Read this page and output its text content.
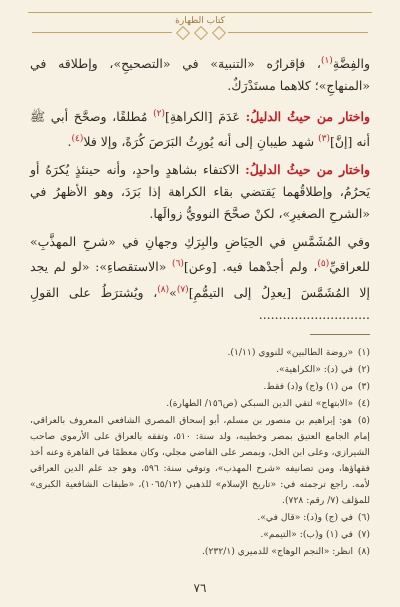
كتاب الطهارة

والفِضَّةِ$^{(١)}$، فإقرارُه «التنبيهَ» في «التصحيحِ»، وإطلاقه في «المنهاجِ»؛ كلاهما مستَدْرَكٌ.

واختار من حيثُ الدليلُ: عَدَمَ [الكراهةِ]$^{(٢)}$ مُطلقًا، وصحَّحَ أبي ﷺ أنه [إنَّ]$^{(٣)}$ شهد طيبانِ إلى أنه يُورِثُ البَرَصَ كُرَةً، وإلا فلا$^{(٤)}$.

واختار من حيثُ الدليلُ: الاكتفاء بشاهدٍ واحدٍ، وأنه حينئذٍ يُكرَهُ أو يَحرُمُ، وإطلاقُهما يَقتضي بقاء الكراهة إذا بَرَدَ، وهو الأظهرُ في «الشرحِ الصغيرِ»، لكنْ صحَّحَ النوويُّ زوالَها.

وفي المُشَمَّسِ في الحِيَاضِ والبِرَكِ وجهانِ في «شرحِ المهذَّبِ» للعراقيِّ$^{(٥)}$، ولم أجدْهما فيه. [وعن]$^{(٦)}$ «الاستقصاءِ»: «لو لم يجد إلا المُشَمَّسَ [يعدِلُ إلى التيمُّمِ]$^{(٧)}$»$^{(٨)}$، ويُشترَطُ على القولِ ............................

(١) «روضة الطالبين» للنووي (١/١١).
(٢) في (د): «الكراهية».
(٣) من (١) و(ج) و(د) فقط.
(٤) «الابتهاج» لتقي الدين السبكي (ص١٥٦/ الطهارة).
(٥) هو: إبراهيم بن منصور بن مسلم، أبو إسحاق المصري الشافعي المعروف بالعراقي، إمام الجامع العتيق بمصر وخطيبه، ولد سنة: ٥١٠، وتفقه بالعراق على الأرموي صاحب الشيرازي، وعلى ابن الخل، وبمصر على القاضي مجلي، وكان معظمًا في القاهرة وعنه أخذ فقهاؤها، ومن تصانيفه «شرح المهذب»، وتوفي سنة: ٥٩٦، وهو جد علم الدين العراقي لأمه. راجع ترجمته في: «تاريخ الإسلام» للذهبي (١٠٦٥/١٢)، «طبقات الشافعية الكبرى» للمؤلف (٧/ رقم: ٧٢٨).
(٦) في (ج) و(د): «قال في».
(٧) في (١) و(ب): «التيمم».
(٨) انظر: «النجم الوهاج» للدميري (٢٣٢/١).
٧٦
